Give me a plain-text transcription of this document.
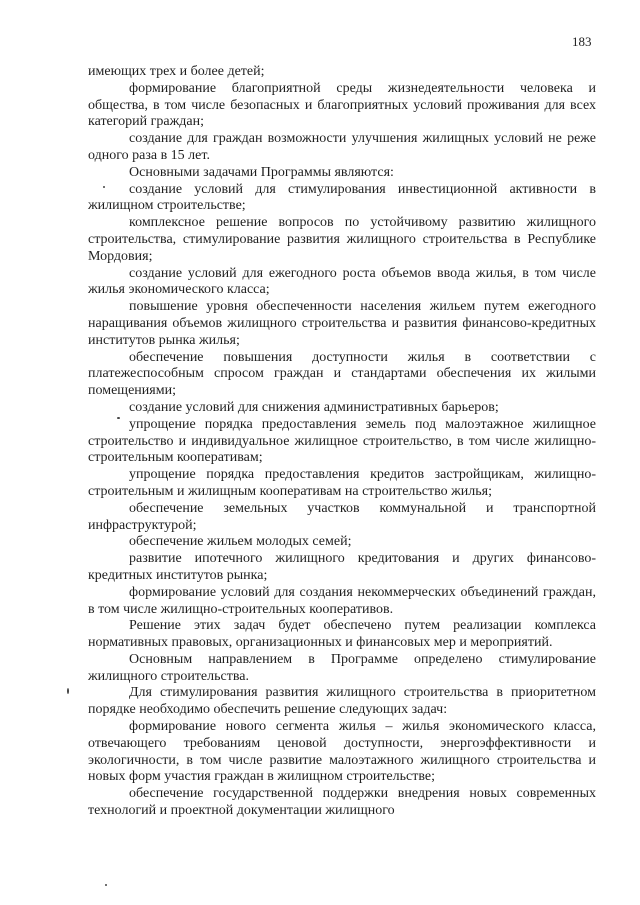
183

имеющих трех и более детей;

формирование благоприятной среды жизнедеятельности человека и общества, в том числе безопасных и благоприятных условий проживания для всех категорий граждан;

создание для граждан возможности улучшения жилищных условий не реже одного раза в 15 лет.

Основными задачами Программы являются:

создание условий для стимулирования инвестиционной активности в жилищном строительстве;

комплексное решение вопросов по устойчивому развитию жилищного строительства, стимулирование развития жилищного строительства в Республике Мордовия;

создание условий для ежегодного роста объемов ввода жилья, в том числе жилья экономического класса;

повышение уровня обеспеченности населения жильем путем ежегодного наращивания объемов жилищного строительства и развития финансово-кредитных институтов рынка жилья;

обеспечение повышения доступности жилья в соответствии с платежеспособным спросом граждан и стандартами обеспечения их жилыми помещениями;

создание условий для снижения административных барьеров;

упрощение порядка предоставления земель под малоэтажное жилищное строительство и индивидуальное жилищное строительство, в том числе жилищно-строительным кооперативам;

упрощение порядка предоставления кредитов застройщикам, жилищно-строительным и жилищным кооперативам на строительство жилья;

обеспечение земельных участков коммунальной и транспортной инфраструктурой;

обеспечение жильем молодых семей;

развитие ипотечного жилищного кредитования и других финансово-кредитных институтов рынка;

формирование условий для создания некоммерческих объединений граждан, в том числе жилищно-строительных кооперативов.

Решение этих задач будет обеспечено путем реализации комплекса нормативных правовых, организационных и финансовых мер и мероприятий.

Основным направлением в Программе определено стимулирование жилищного строительства.

Для стимулирования развития жилищного строительства в приоритетном порядке необходимо обеспечить решение следующих задач:

формирование нового сегмента жилья – жилья экономического класса, отвечающего требованиям ценовой доступности, энергоэффективности и экологичности, в том числе развитие малоэтажного жилищного строительства и новых форм участия граждан в жилищном строительстве;

обеспечение государственной поддержки внедрения новых современных технологий и проектной документации жилищного
